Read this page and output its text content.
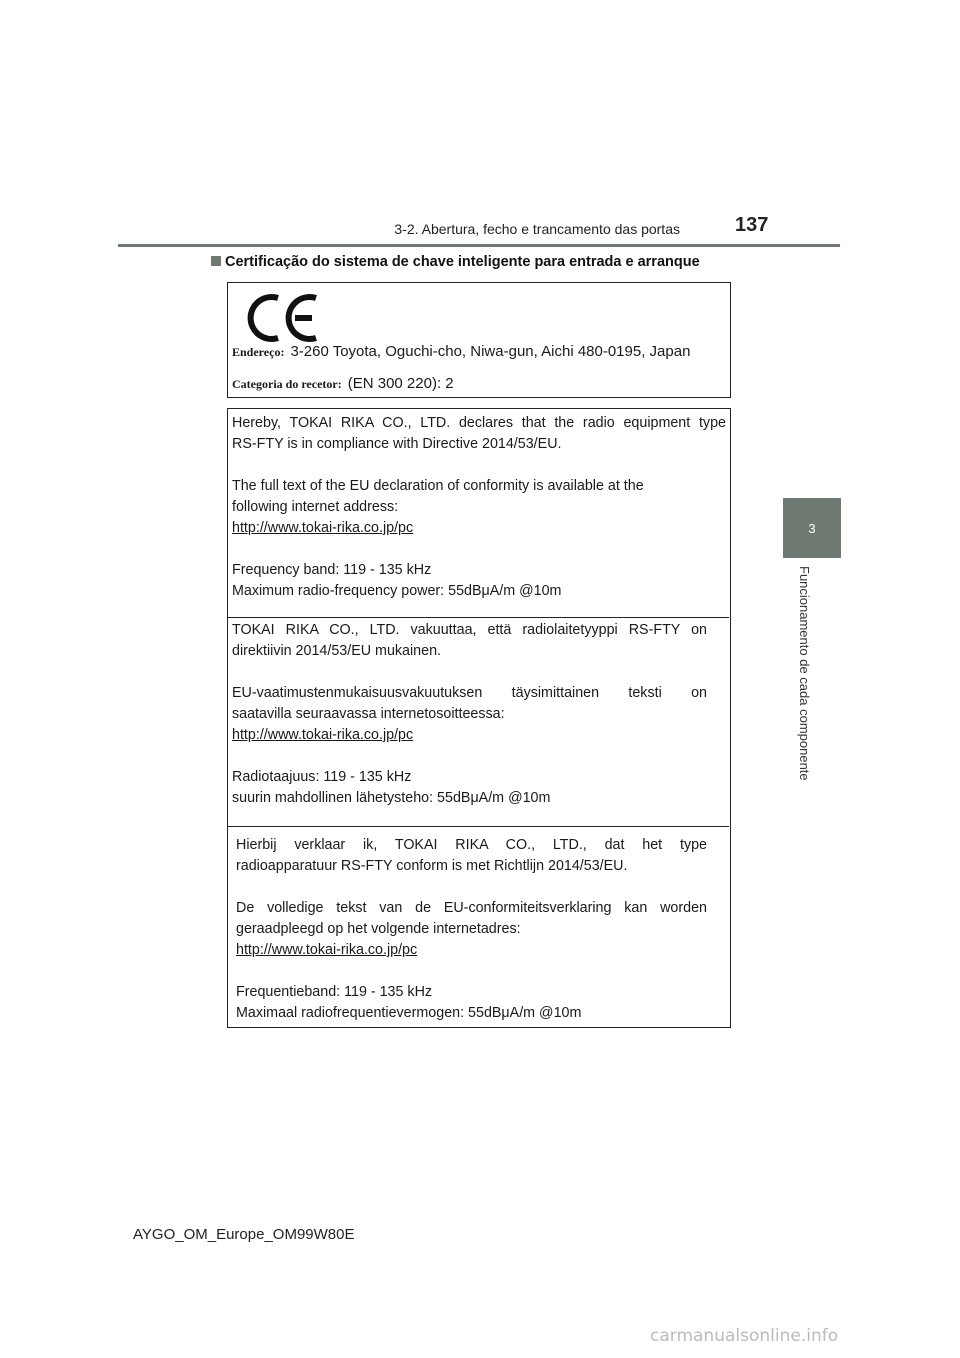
3-2. Abertura, fecho e trancamento das portas	137
3
Funcionamento de cada componente
Certificação do sistema de chave inteligente para entrada e arranque
Endereço: 3-260 Toyota, Oguchi-cho, Niwa-gun, Aichi 480-0195, Japan
Categoria do recetor: (EN 300 220): 2

Hereby, TOKAI RIKA CO., LTD. declares that the radio equipment type
RS-FTY is in compliance with Directive 2014/53/EU.

The full text of the EU declaration of conformity is available at the
following internet address:
http://www.tokai-rika.co.jp/pc

Frequency band: 119 - 135 kHz
Maximum radio-frequency power: 55dBμA/m @10m

TOKAI RIKA CO., LTD. vakuuttaa, että radiolaitetyyppi RS-FTY on
direktiivin 2014/53/EU mukainen.

EU-vaatimustenmukaisuusvakuutuksen täysimittainen teksti on
saatavilla seuraavassa internetosoitteessa:
http://www.tokai-rika.co.jp/pc

Radiotaajuus: 119 - 135 kHz
suurin mahdollinen lähetysteho: 55dBμA/m @10m

Hierbij verklaar ik, TOKAI RIKA CO., LTD., dat het type
radioapparatuur RS-FTY conform is met Richtlijn 2014/53/EU.

De volledige tekst van de EU-conformiteitsverklaring kan worden
geraadpleegd op het volgende internetadres:
http://www.tokai-rika.co.jp/pc

Frequentieband: 119 - 135 kHz
Maximaal radiofrequentievermogen: 55dBμA/m @10m

AYGO_OM_Europe_OM99W80E
carmanualsonline.info
